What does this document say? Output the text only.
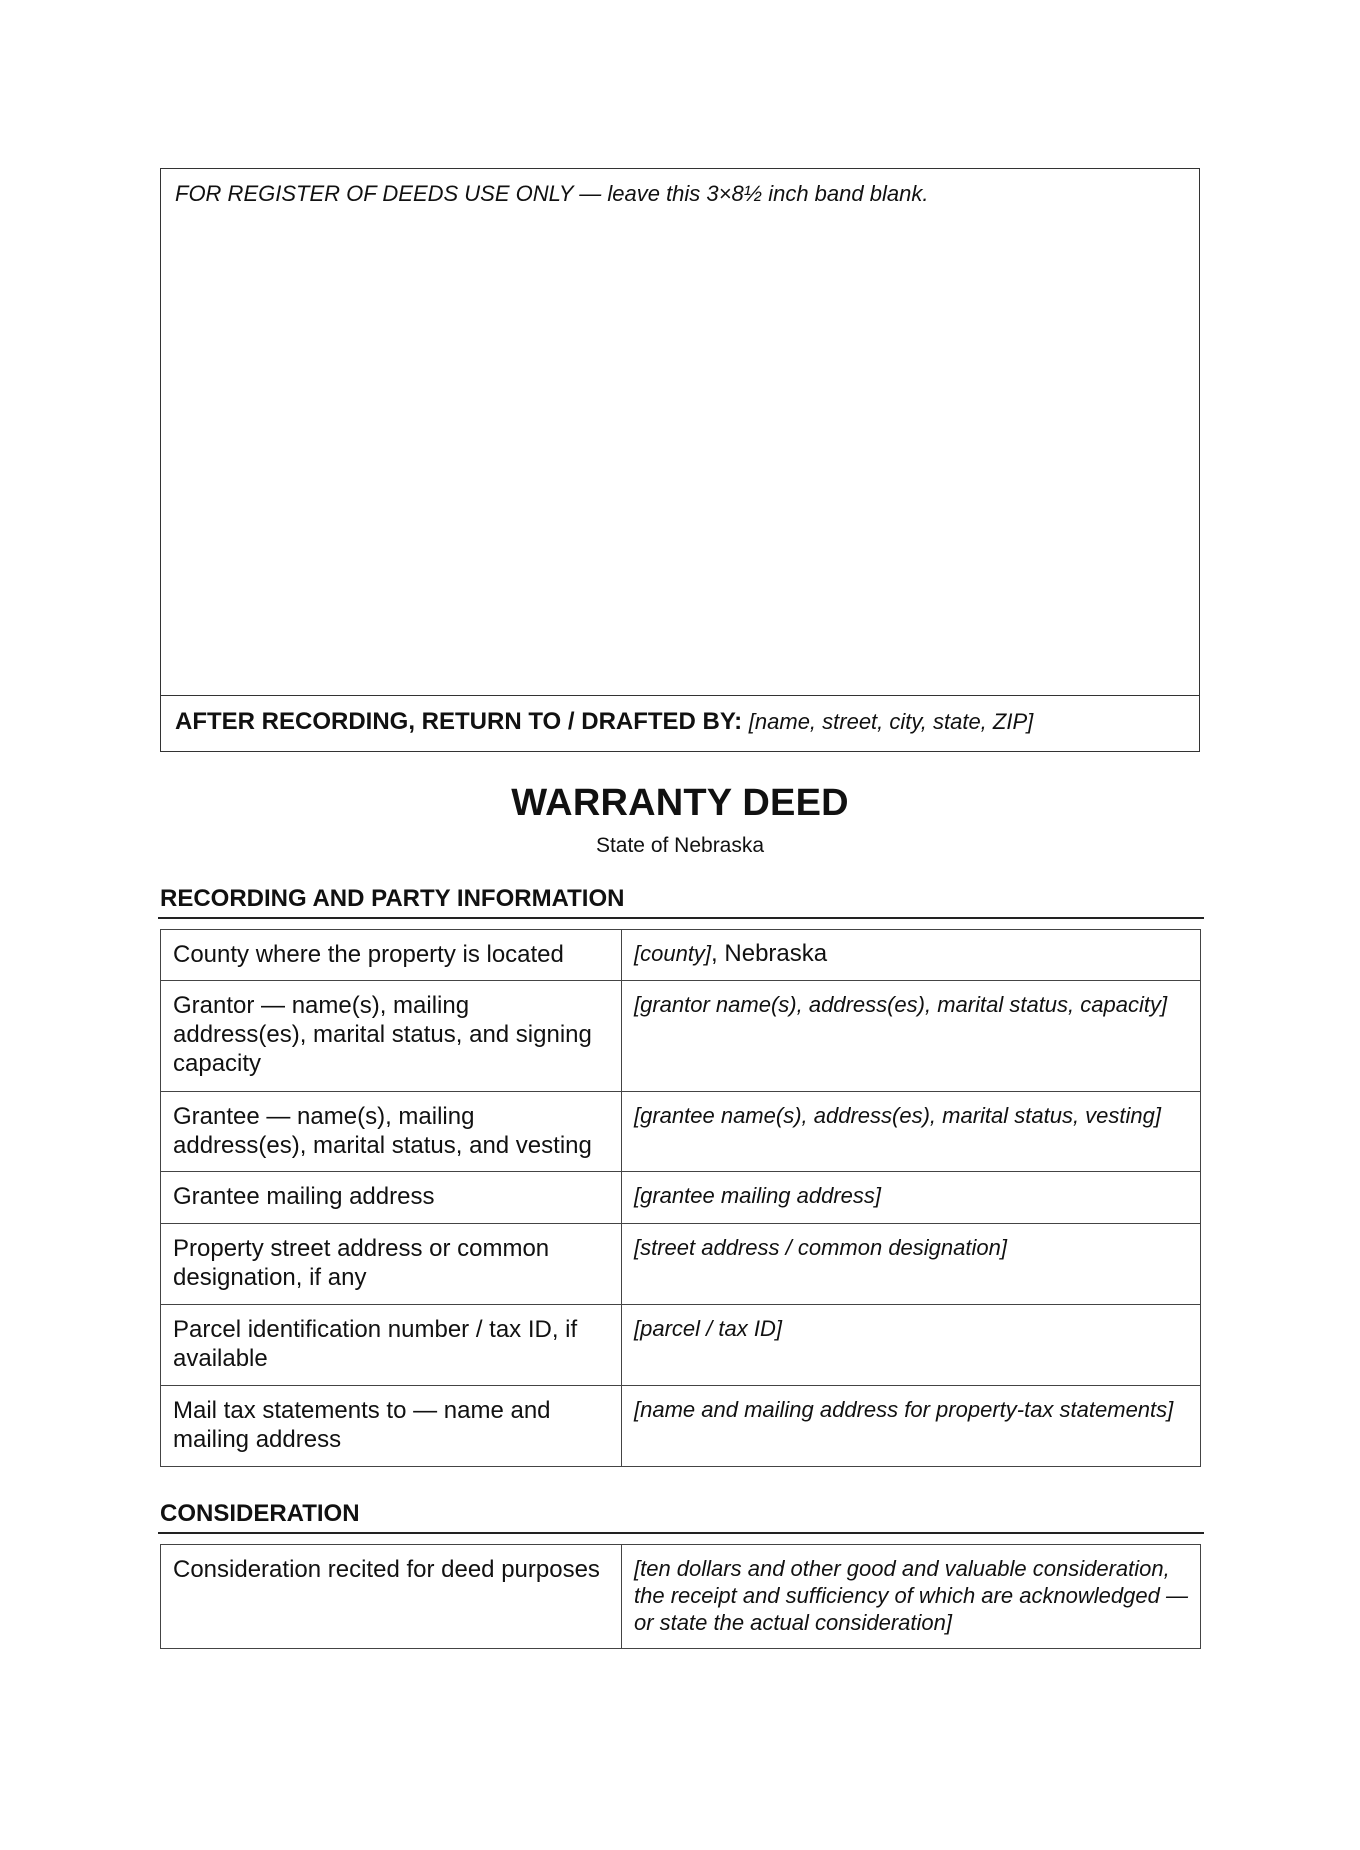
FOR REGISTER OF DEEDS USE ONLY — leave this 3×8½ inch band blank.
AFTER RECORDING, RETURN TO / DRAFTED BY: [name, street, city, state, ZIP]
WARRANTY DEED
State of Nebraska
RECORDING AND PARTY INFORMATION
County where the property is located	[county], Nebraska
Grantor — name(s), mailing address(es), marital status, and signing capacity	[grantor name(s), address(es), marital status, capacity]
Grantee — name(s), mailing address(es), marital status, and vesting	[grantee name(s), address(es), marital status, vesting]
Grantee mailing address	[grantee mailing address]
Property street address or common designation, if any	[street address / common designation]
Parcel identification number / tax ID, if available	[parcel / tax ID]
Mail tax statements to — name and mailing address	[name and mailing address for property-tax statements]
CONSIDERATION
Consideration recited for deed purposes	[ten dollars and other good and valuable consideration, the receipt and sufficiency of which are acknowledged — or state the actual consideration]
